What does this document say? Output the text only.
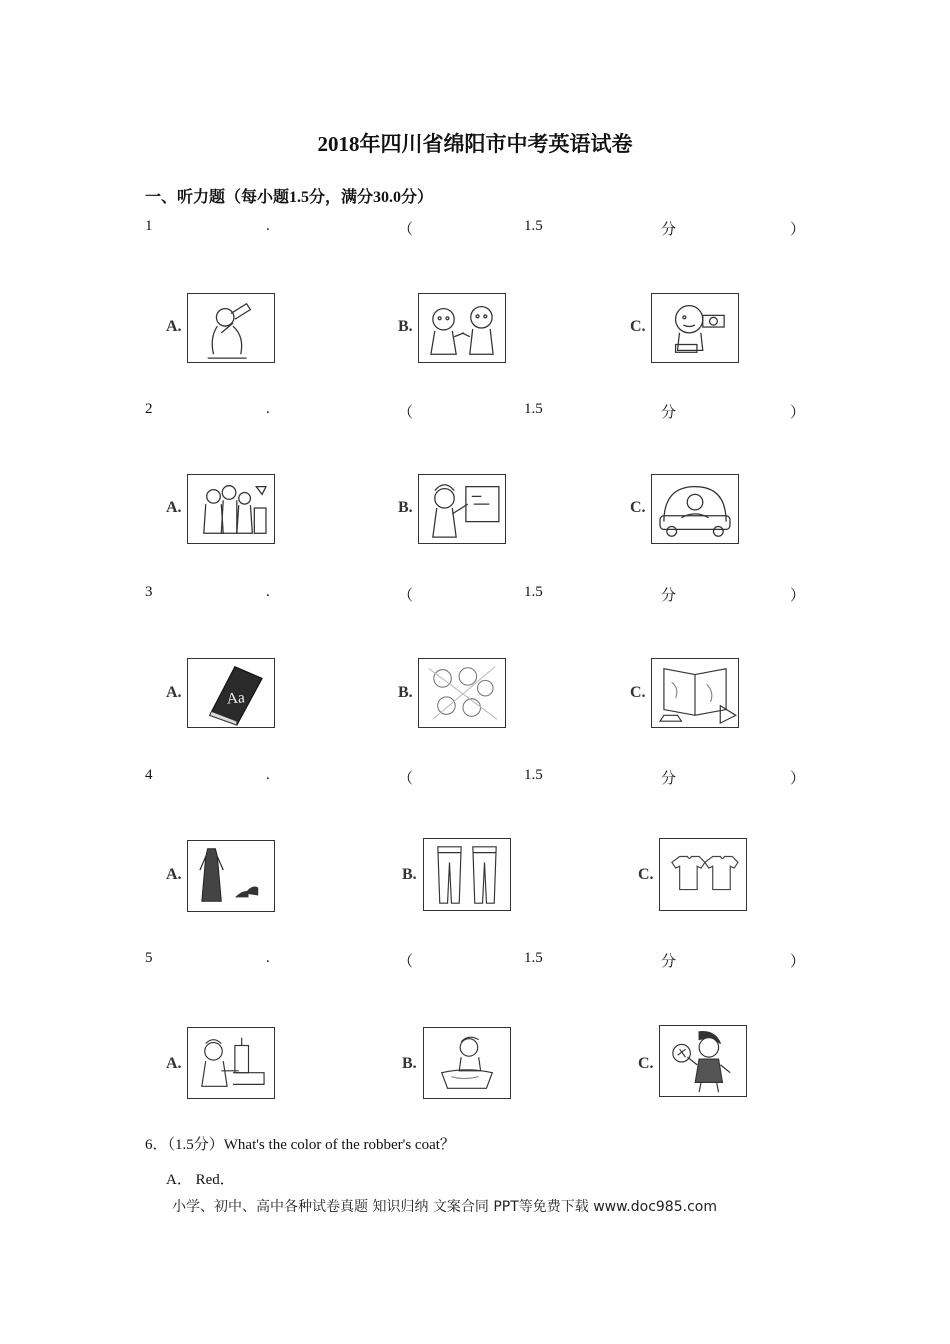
2018年四川省绵阳市中考英语试卷
一、听力题（每小题1.5分，满分30.0分）
1	.	（	1.5	分	）
A.	B.	C.
2	.	（	1.5	分	）
A.	B.	C.
3	.	（	1.5	分	）
A.	Aa	B.	C.
4	.	（	1.5	分	）
A.	B.	C.
5	.	（	1.5	分	）
A.	B.	C.
6．（1.5分）What's the color of the robber's coat？
A． Red．
小学、初中、高中各种试卷真题 知识归纳 文案合同 PPT等免费下载 www.doc985.com
